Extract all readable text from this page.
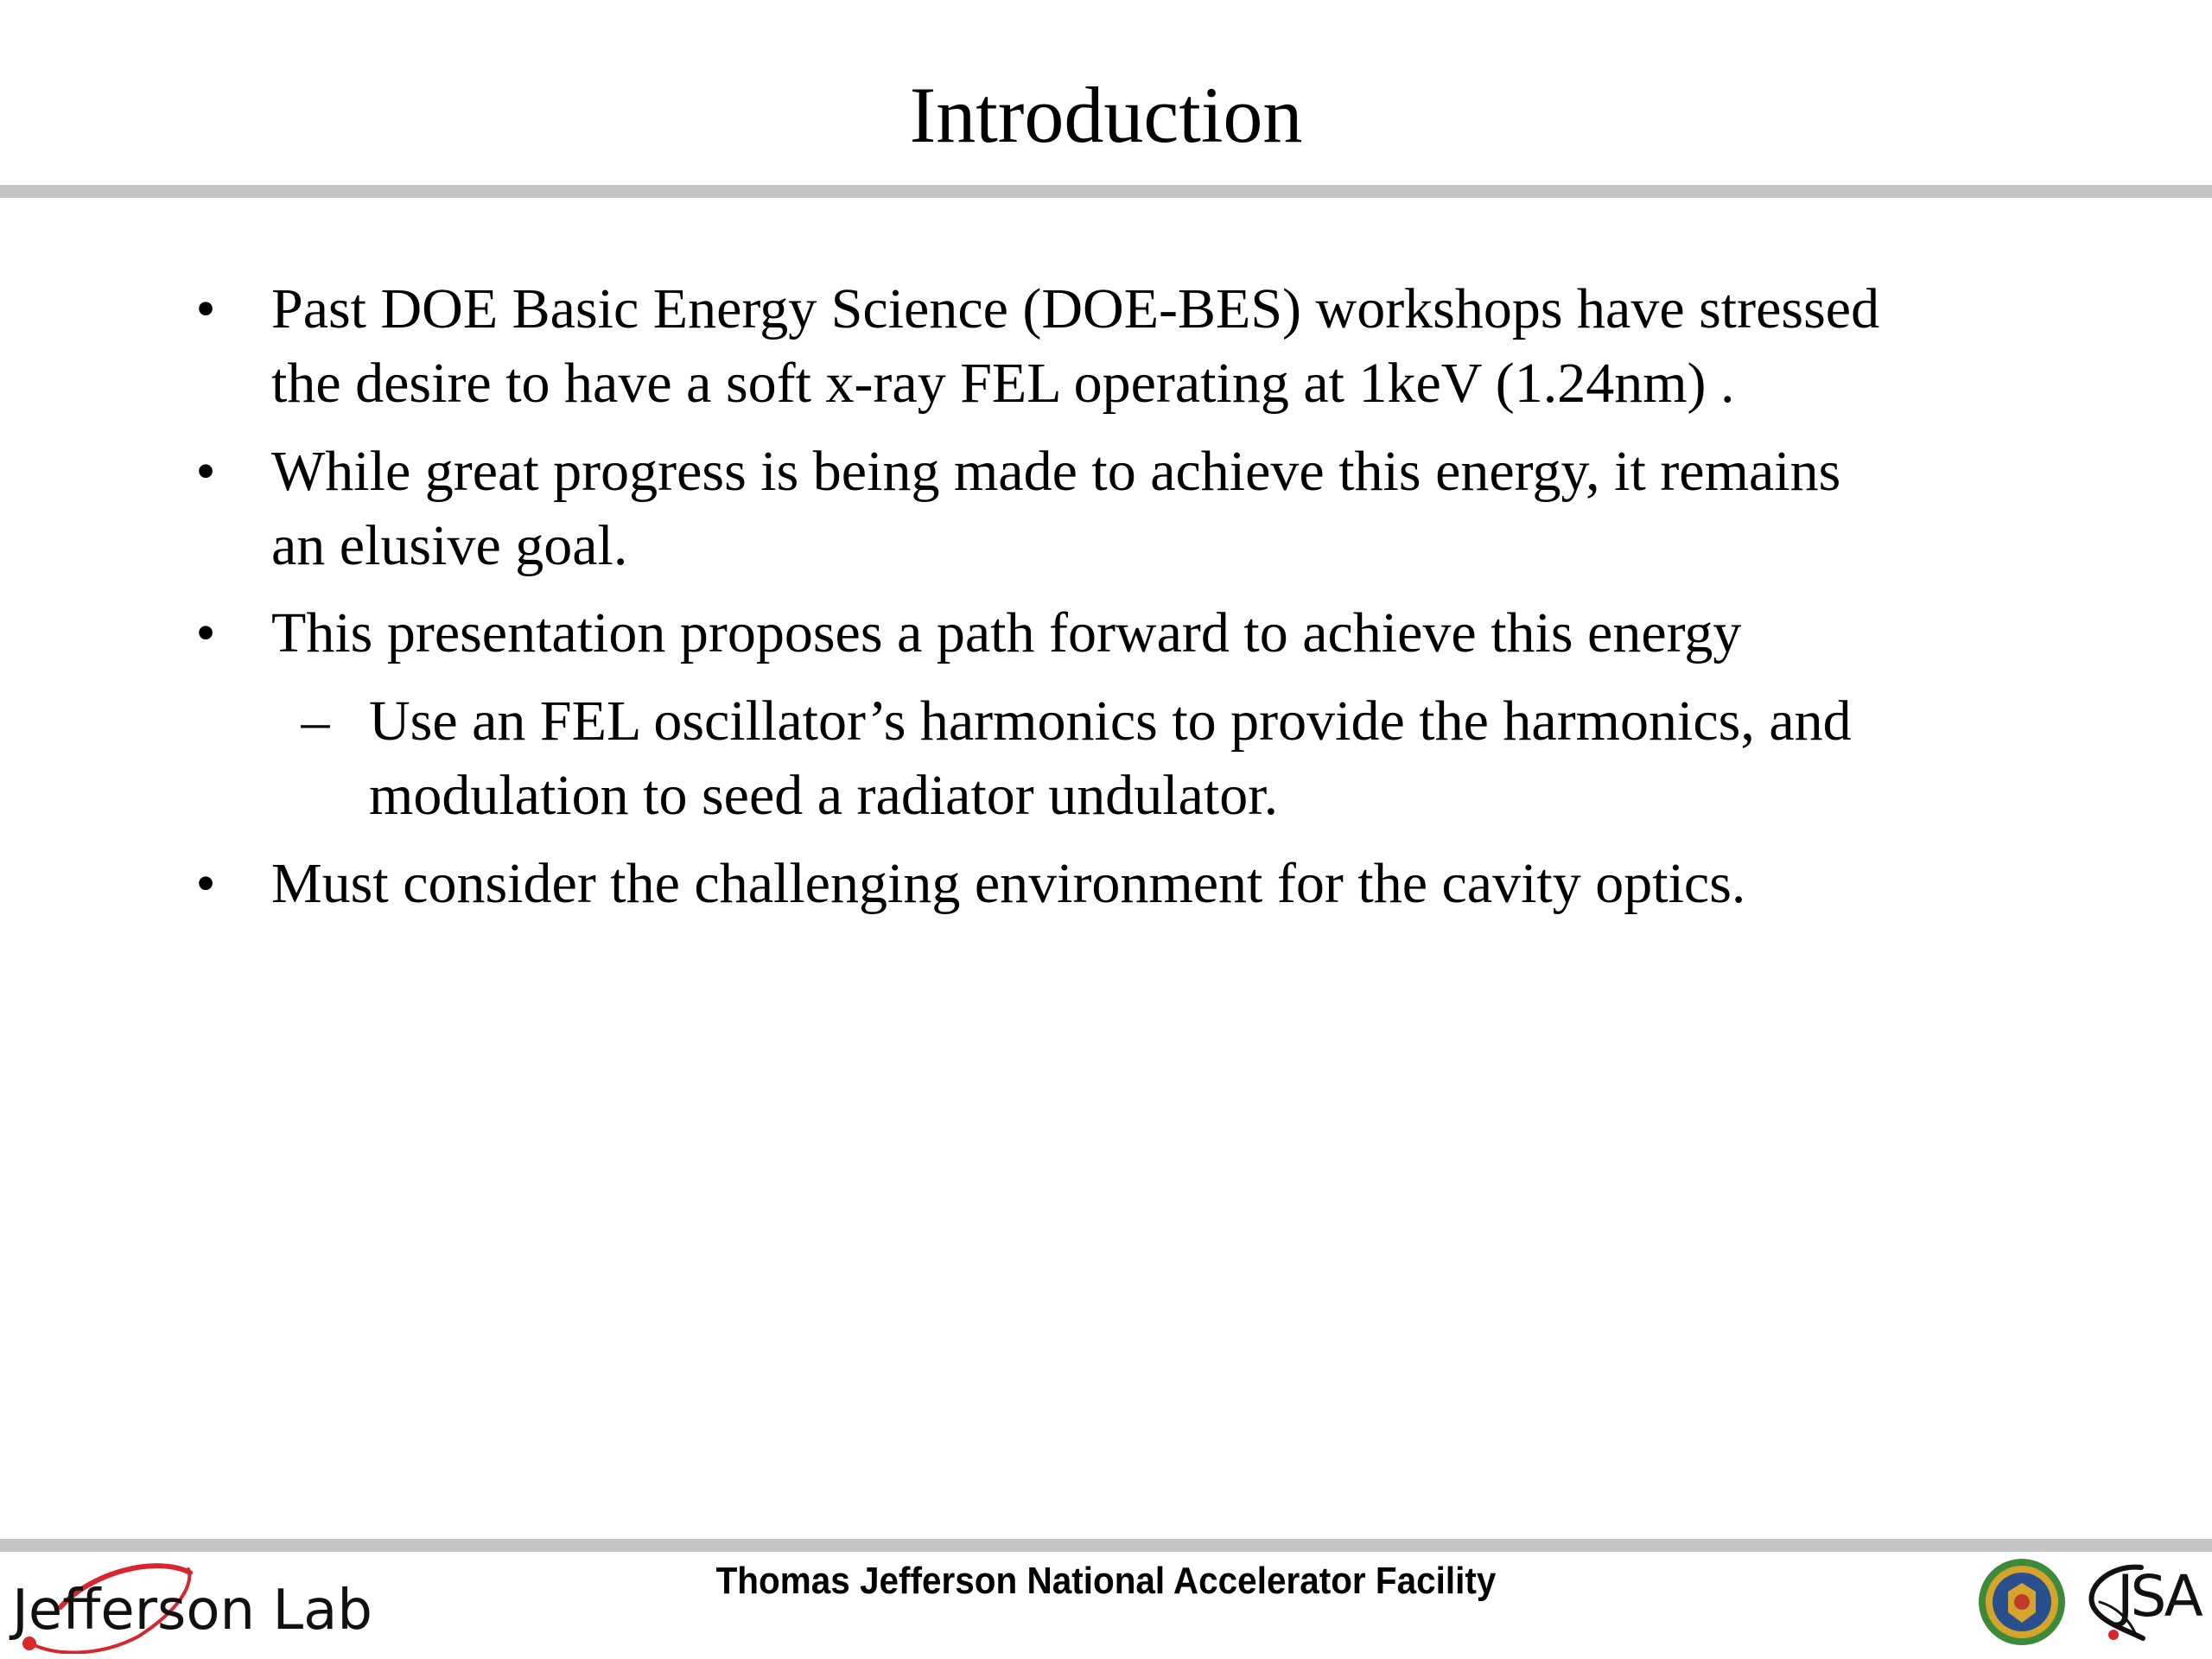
Introduction
• Past DOE Basic Energy Science (DOE-BES) workshops have stressed
the desire to have a soft x-ray FEL operating at 1keV (1.24nm) .
• While great progress is being made to achieve this energy, it remains
an elusive goal.
• This presentation proposes a path forward to achieve this energy
– Use an FEL oscillator’s harmonics to provide the harmonics, and
modulation to seed a radiator undulator.
• Must consider the challenging environment for the cavity optics.
Jefferson Lab	Thomas Jefferson National Accelerator Facility	JSA
